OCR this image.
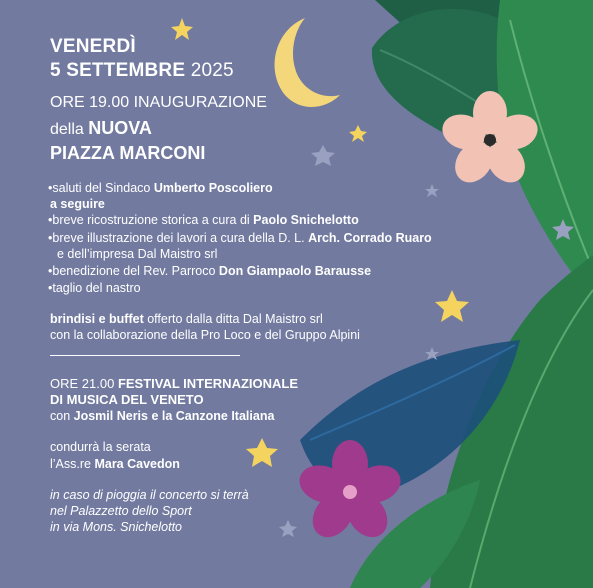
VENERDÌ
5 SETTEMBRE 2025
ORE 19.00 INAUGURAZIONE
della NUOVA
PIAZZA MARCONI
•saluti del Sindaco Umberto Poscoliero
a seguire
•breve ricostruzione storica a cura di Paolo Snichelotto
•breve illustrazione dei lavori a cura della D. L. Arch. Corrado Ruaro
e dell’impresa Dal Maistro srl
•benedizione del Rev. Parroco Don Giampaolo Barausse
•taglio del nastro
brindisi e buffet offerto dalla ditta Dal Maistro srl
con la collaborazione della Pro Loco e del Gruppo Alpini
ORE 21.00 FESTIVAL INTERNAZIONALE
DI MUSICA DEL VENETO
con Josmil Neris e la Canzone Italiana
condurrà la serata
l’Ass.re Mara Cavedon
in caso di pioggia il concerto si terrà
nel Palazzetto dello Sport
in via Mons. Snichelotto
